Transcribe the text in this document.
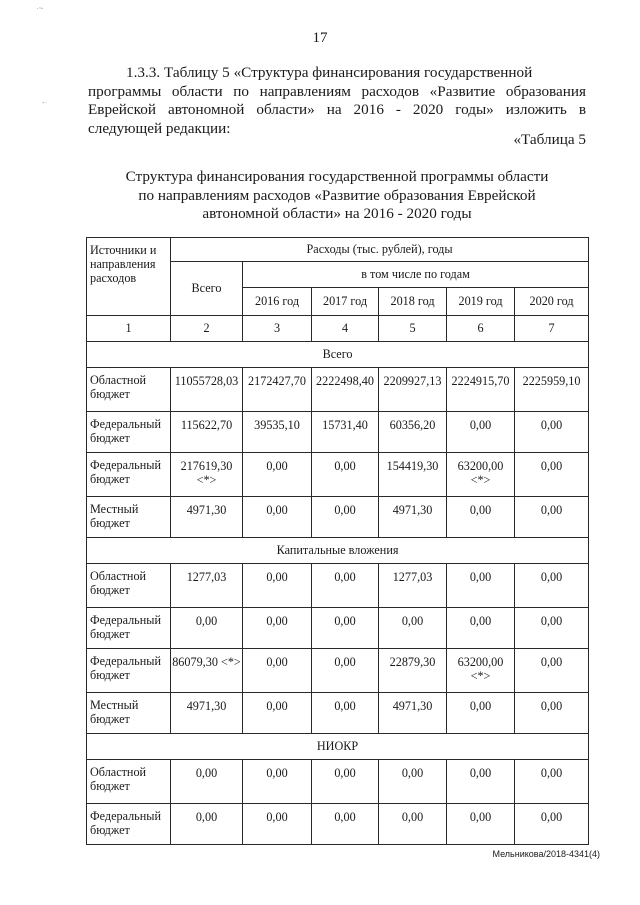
·~
-·
17
1.3.3. Таблицу 5 «Структура финансирования государственной
программы области по направлениям расходов «Развитие образования Еврейской автономной области» на 2016 - 2020 годы» изложить в следующей редакции:
«Таблица 5
Структура финансирования государственной программы области
по направлениям расходов «Развитие образования Еврейской
автономной области» на 2016 - 2020 годы
Источники и направления расходов	Расходы (тыс. рублей), годы					
	Всего	в том числе по годам				
		2016 год	2017 год	2018 год	2019 год	2020 год
1	2	3	4	5	6	7
Всего						
Областной бюджет	11055728,03	2172427,70	2222498,40	2209927,13	2224915,70	2225959,10
Федеральный бюджет	115622,70	39535,10	15731,40	60356,20	0,00	0,00
Федеральный бюджет	217619,30 <*>	0,00	0,00	154419,30	63200,00 <*>	0,00
Местный бюджет	4971,30	0,00	0,00	4971,30	0,00	0,00
Капитальные вложения						
Областной бюджет	1277,03	0,00	0,00	1277,03	0,00	0,00
Федеральный бюджет	0,00	0,00	0,00	0,00	0,00	0,00
Федеральный бюджет	86079,30 <*>	0,00	0,00	22879,30	63200,00 <*>	0,00
Местный бюджет	4971,30	0,00	0,00	4971,30	0,00	0,00
НИОКР						
Областной бюджет	0,00	0,00	0,00	0,00	0,00	0,00
Федеральный бюджет	0,00	0,00	0,00	0,00	0,00	0,00
Мельникова/2018-4341(4)
